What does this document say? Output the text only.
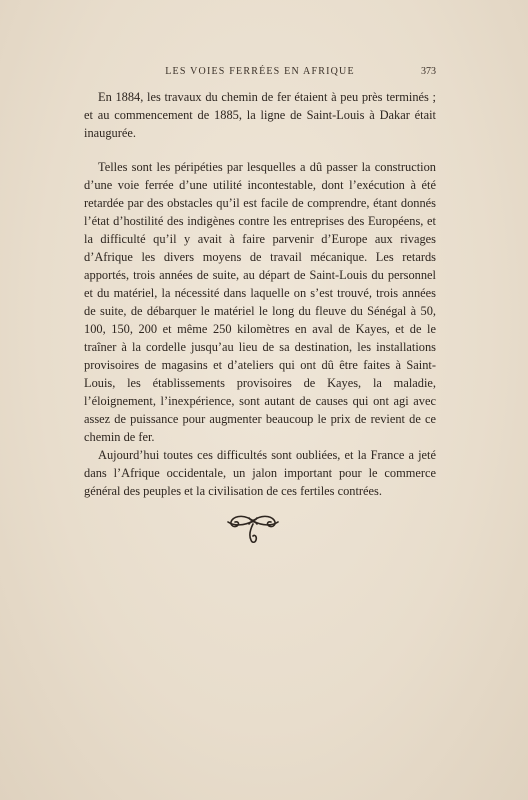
LES VOIES FERRÉES EN AFRIQUE	373

En 1884, les travaux du chemin de fer étaient à peu près terminés ; et au commencement de 1885, la ligne de Saint-Louis à Dakar était inaugurée.

Telles sont les péripéties par lesquelles a dû passer la construction d’une voie ferrée d’une utilité incontestable, dont l’exécution à été retardée par des obstacles qu’il est facile de comprendre, étant donnés l’état d’hostilité des indigènes contre les entreprises des Européens, et la difficulté qu’il y avait à faire parvenir d’Europe aux rivages d’Afrique les divers moyens de travail mécanique. Les retards apportés, trois années de suite, au départ de Saint-Louis du personnel et du matériel, la nécessité dans laquelle on s’est trouvé, trois années de suite, de débarquer le matériel le long du fleuve du Sénégal à 50, 100, 150, 200 et même 250 kilomètres en aval de Kayes, et de le traîner à la cordelle jusqu’au lieu de sa destination, les installations provisoires de magasins et d’ateliers qui ont dû être faites à Saint-Louis, les établissements provisoires de Kayes, la maladie, l’éloignement, l’inexpérience, sont autant de causes qui ont agi avec assez de puissance pour augmenter beaucoup le prix de revient de ce chemin de fer.

Aujourd’hui toutes ces difficultés sont oubliées, et la France a jeté dans l’Afrique occidentale, un jalon important pour le commerce général des peuples et la civilisation de ces fertiles contrées.
